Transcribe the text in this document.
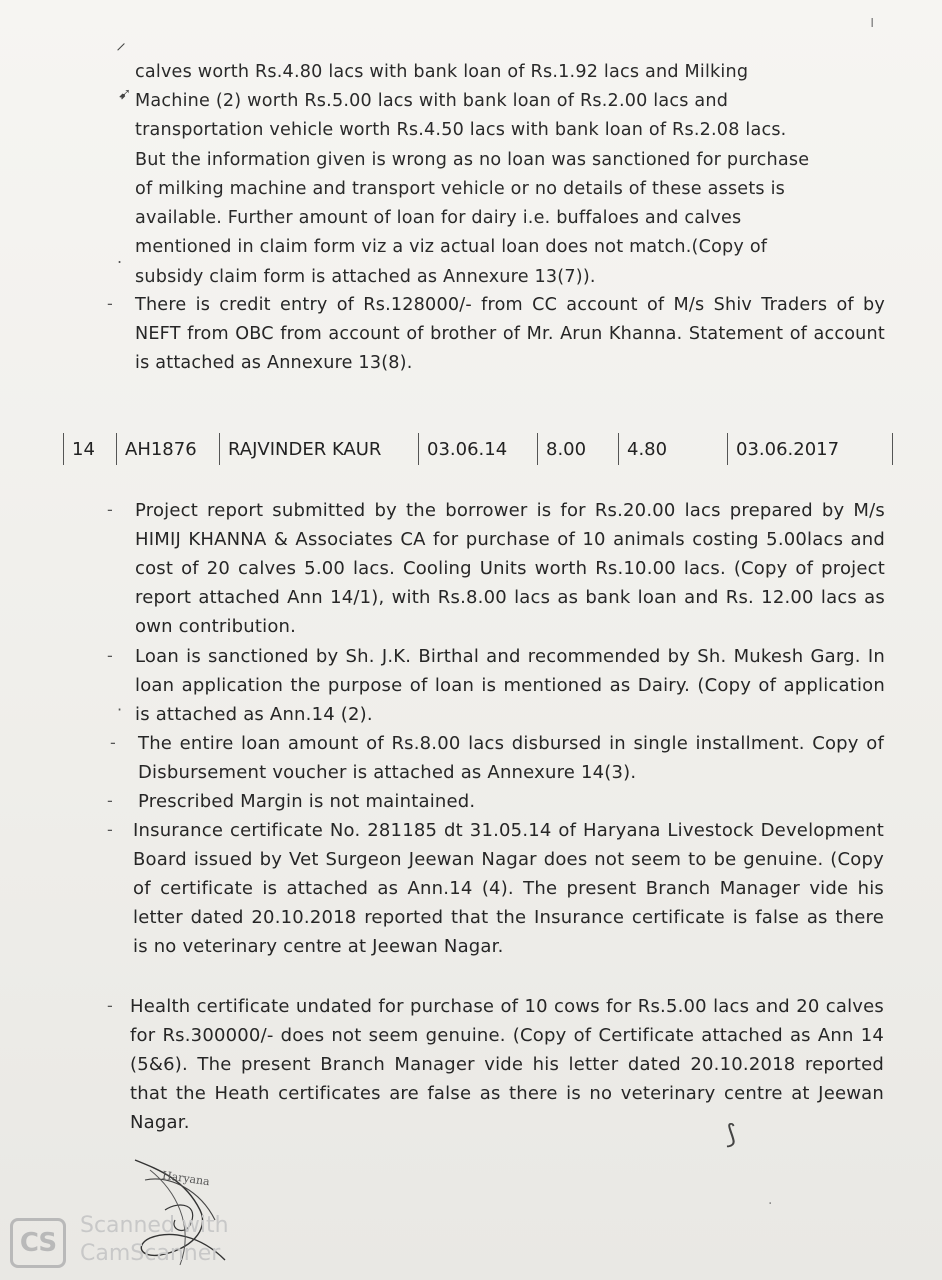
⸝
ı
calves worth Rs.4.80 lacs with bank loan of Rs.1.92 lacs and Milking
Machine (2) worth Rs.5.00 lacs with bank loan of Rs.2.00 lacs and
transportation vehicle worth Rs.4.50 lacs with bank loan of Rs.2.08 lacs.
But the information given is wrong as no loan was sanctioned for purchase
of milking machine and transport vehicle or no details of these assets is
available. Further amount of loan for dairy i.e. buffaloes and calves
mentioned in claim form viz a viz actual loan does not match.(Copy of
subsidy claim form is attached as Annexure 13(7)).
➹
.
- There is credit entry of Rs.128000/- from CC account of M/s Shiv Traders of by NEFT from OBC from account of brother of Mr. Arun Khanna. Statement of account is attached as Annexure 13(8).
14	AH1876	RAJVINDER KAUR	03.06.14	8.00	4.80	03.06.2017
- Project report submitted by the borrower is for Rs.20.00 lacs prepared by M/s HIMIJ KHANNA & Associates CA for purchase of 10 animals costing 5.00lacs and cost of 20 calves 5.00 lacs. Cooling Units worth Rs.10.00 lacs. (Copy of project report attached Ann 14/1), with Rs.8.00 lacs as bank loan and Rs. 12.00 lacs as own contribution.
- Loan is sanctioned by Sh. J.K. Birthal and recommended by Sh. Mukesh Garg. In loan application the purpose of loan is mentioned as Dairy. (Copy of application is attached as Ann.14 (2).
·
- The entire loan amount of Rs.8.00 lacs disbursed in single installment. Copy of Disbursement voucher is attached as Annexure 14(3).
- Prescribed Margin is not maintained.
- Insurance certificate No. 281185 dt 31.05.14 of Haryana Livestock Development Board issued by Vet Surgeon Jeewan Nagar does not seem to be genuine. (Copy of certificate is attached as Ann.14 (4). The present Branch Manager vide his letter dated 20.10.2018 reported that the Insurance certificate is false as there is no veterinary centre at Jeewan Nagar.
- Health certificate undated for purchase of 10 cows for Rs.5.00 lacs and 20 calves for Rs.300000/- does not seem genuine. (Copy of Certificate attached as Ann 14 (5&6). The present Branch Manager vide his letter dated 20.10.2018 reported that the Heath certificates are false as there is no veterinary centre at Jeewan Nagar.	⟆
·
Haryana
CS
Scanned with
CamScanner
